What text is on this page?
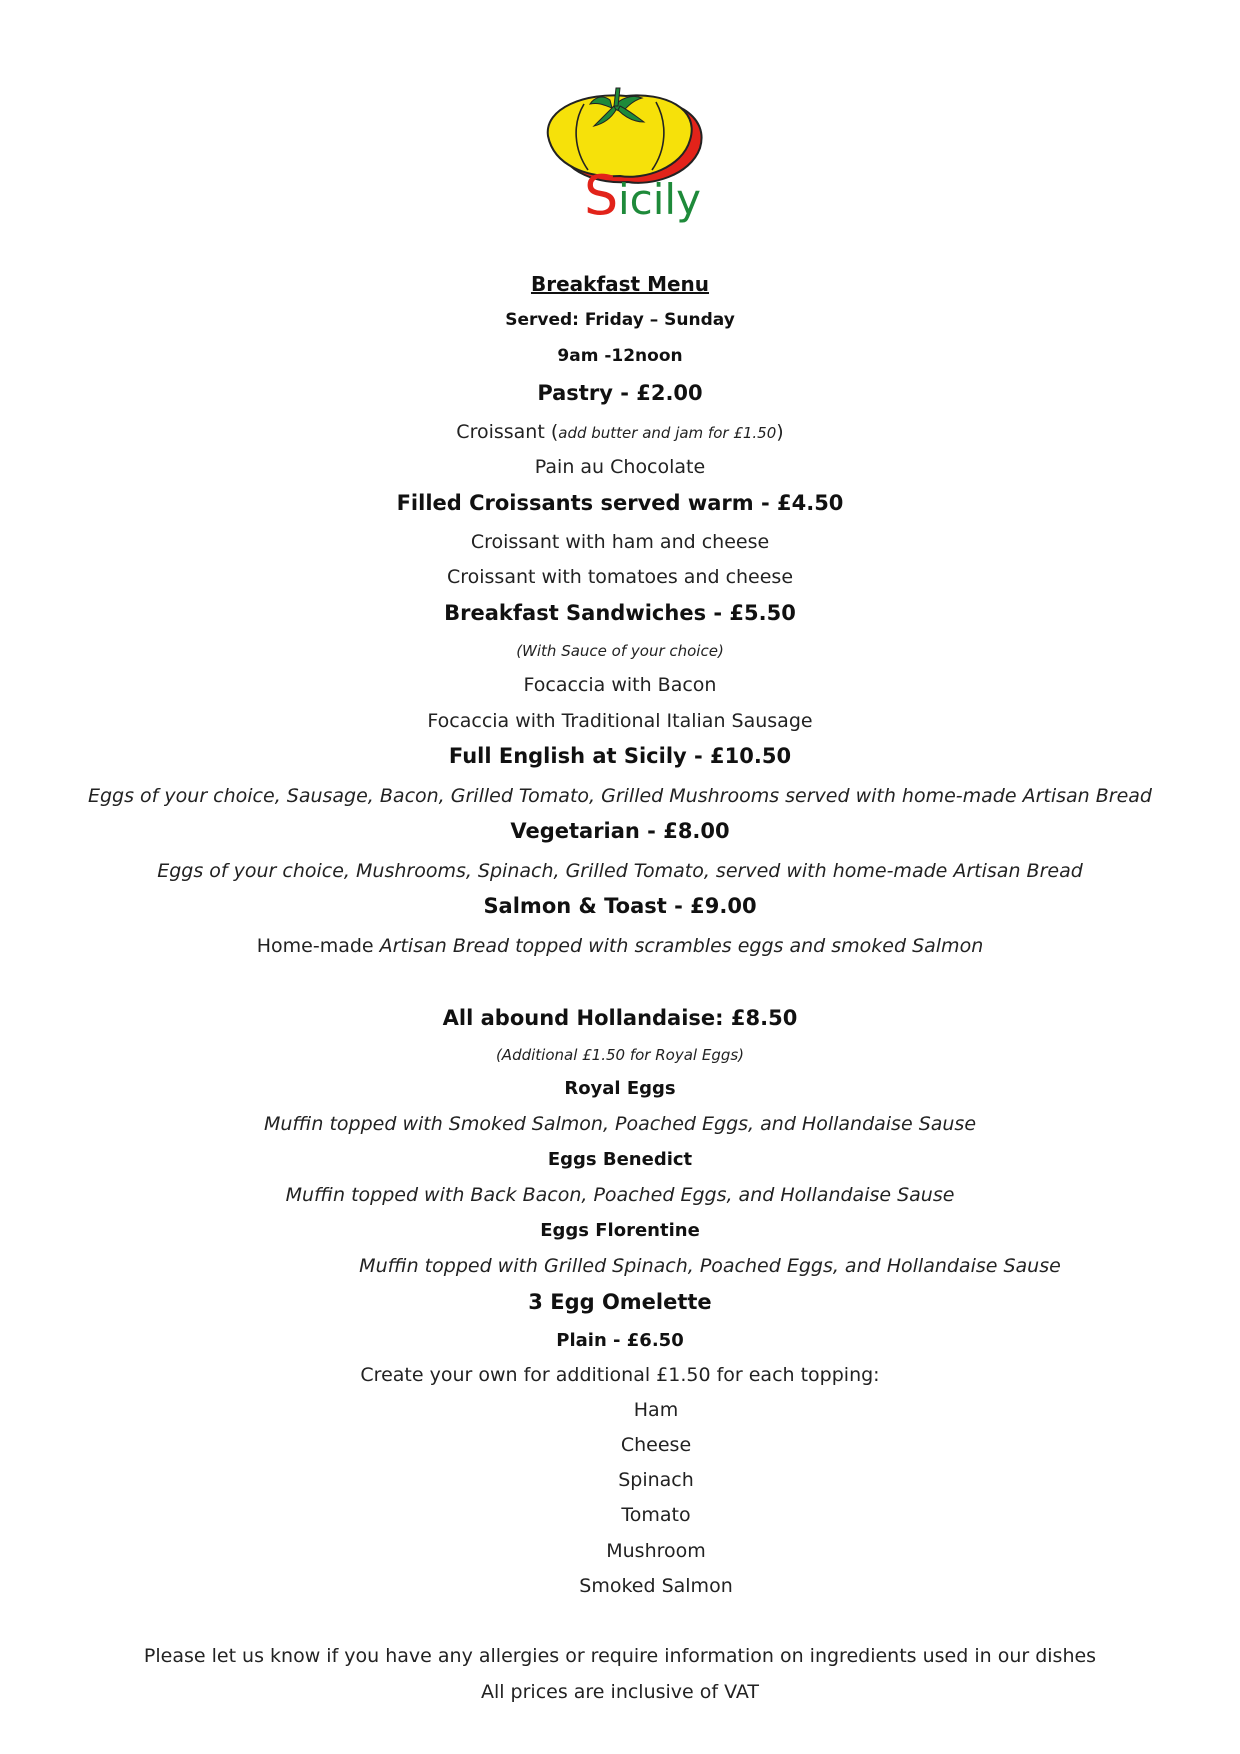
S icily
Breakfast Menu
Served: Friday – Sunday
9am -12noon
Pastry - £2.00
Croissant (add butter and jam for £1.50)
Pain au Chocolate
Filled Croissants served warm - £4.50
Croissant with ham and cheese
Croissant with tomatoes and cheese
Breakfast Sandwiches - £5.50
(With Sauce of your choice)
Focaccia with Bacon
Focaccia with Traditional Italian Sausage
Full English at Sicily - £10.50
Eggs of your choice, Sausage, Bacon, Grilled Tomato, Grilled Mushrooms served with home-made Artisan Bread
Vegetarian - £8.00
Eggs of your choice, Mushrooms, Spinach, Grilled Tomato, served with home-made Artisan Bread
Salmon & Toast - £9.00
Home-made Artisan Bread topped with scrambles eggs and smoked Salmon
All abound Hollandaise: £8.50
(Additional £1.50 for Royal Eggs)
Royal Eggs
Muffin topped with Smoked Salmon, Poached Eggs, and Hollandaise Sause
Eggs Benedict
Muffin topped with Back Bacon, Poached Eggs, and Hollandaise Sause
Eggs Florentine
Muffin topped with Grilled Spinach, Poached Eggs, and Hollandaise Sause
3 Egg Omelette
Plain - £6.50
Create your own for additional £1.50 for each topping:
Ham
Cheese
Spinach
Tomato
Mushroom
Smoked Salmon
Please let us know if you have any allergies or require information on ingredients used in our dishes
All prices are inclusive of VAT
